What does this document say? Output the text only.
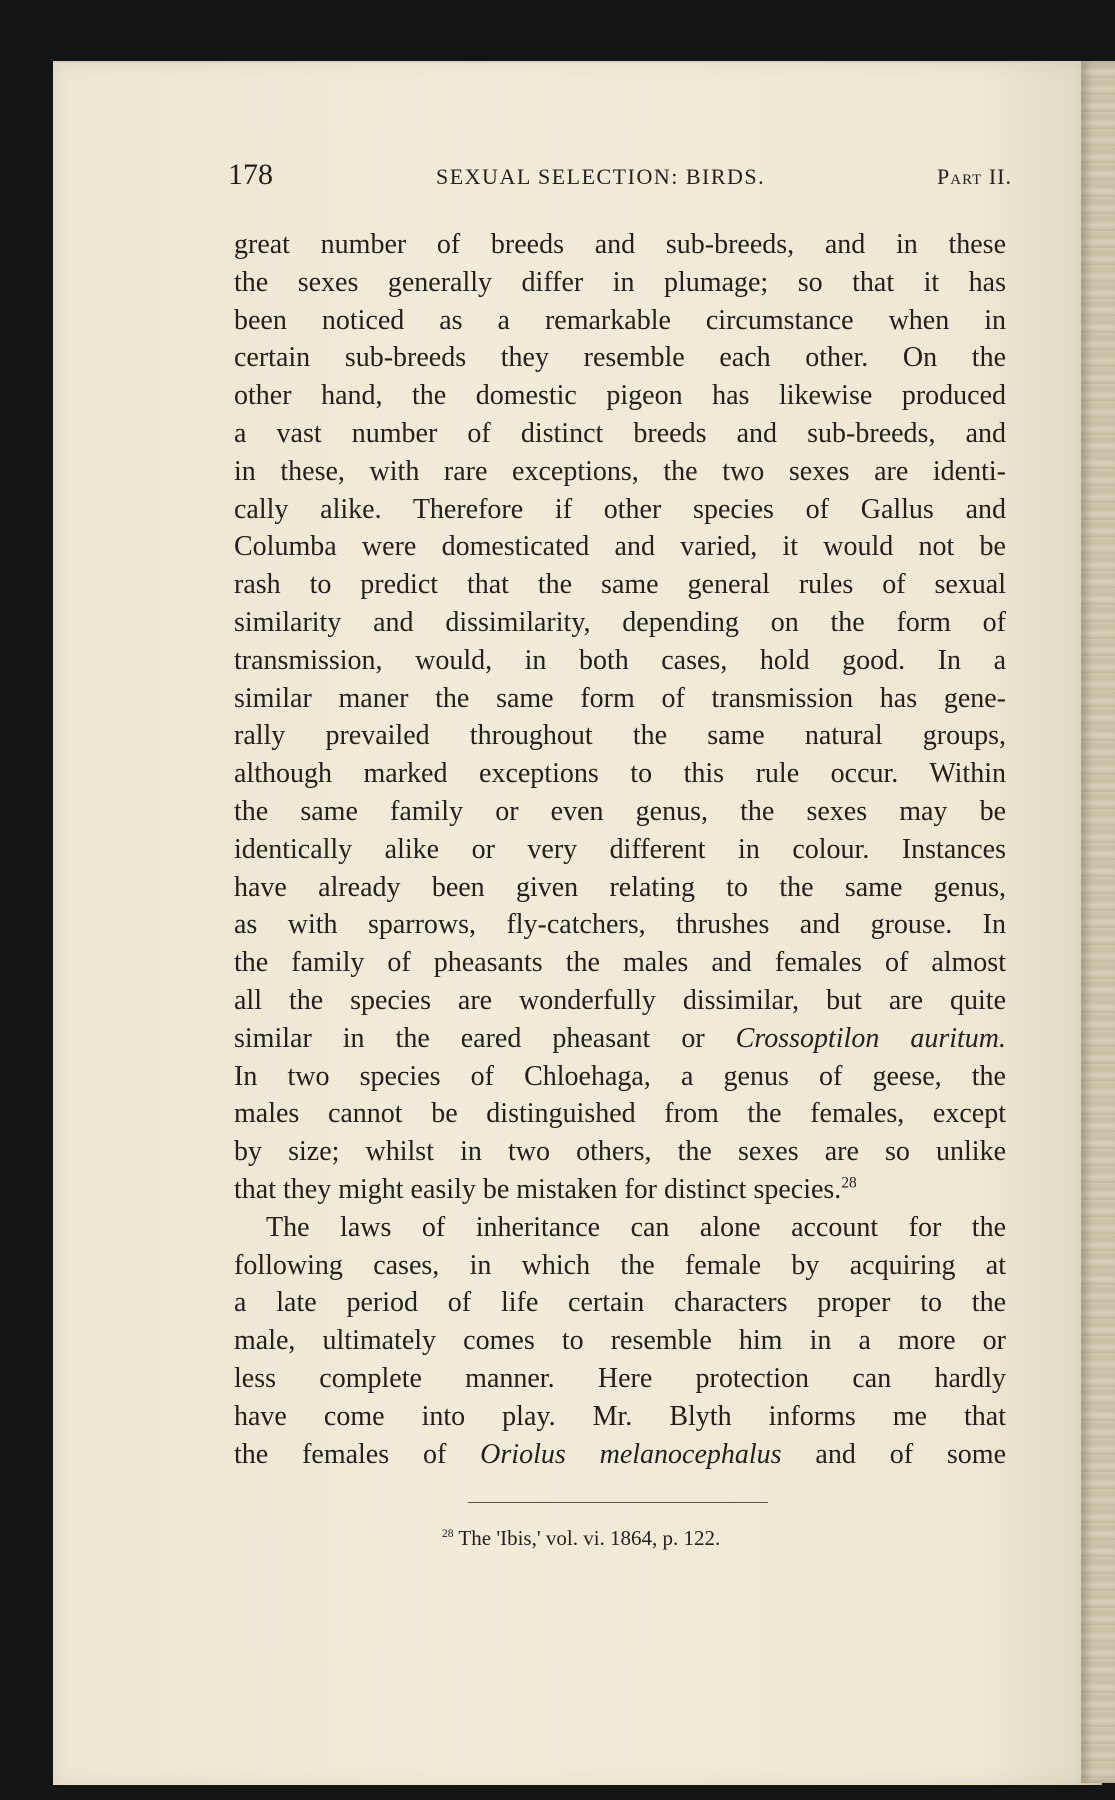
178	SEXUAL SELECTION: BIRDS.	Part II.
great number of breeds and sub-breeds, and in these
the sexes generally differ in plumage; so that it has
been noticed as a remarkable circumstance when in
certain sub-breeds they resemble each other. On the
other hand, the domestic pigeon has likewise produced
a vast number of distinct breeds and sub-breeds, and
in these, with rare exceptions, the two sexes are identi-
cally alike. Therefore if other species of Gallus and
Columba were domesticated and varied, it would not be
rash to predict that the same general rules of sexual
similarity and dissimilarity, depending on the form of
transmission, would, in both cases, hold good. In a
similar maner the same form of transmission has gene-
rally prevailed throughout the same natural groups,
although marked exceptions to this rule occur. Within
the same family or even genus, the sexes may be
identically alike or very different in colour. Instances
have already been given relating to the same genus,
as with sparrows, fly-catchers, thrushes and grouse. In
the family of pheasants the males and females of almost
all the species are wonderfully dissimilar, but are quite
similar in the eared pheasant or Crossoptilon auritum.
In two species of Chloehaga, a genus of geese, the
males cannot be distinguished from the females, except
by size; whilst in two others, the sexes are so unlike
that they might easily be mistaken for distinct species.$^{28}$
The laws of inheritance can alone account for the
following cases, in which the female by acquiring at
a late period of life certain characters proper to the
male, ultimately comes to resemble him in a more or
less complete manner. Here protection can hardly
have come into play. Mr. Blyth informs me that
the females of Oriolus melanocephalus and of some
$^{28}$ The 'Ibis,' vol. vi. 1864, p. 122.
